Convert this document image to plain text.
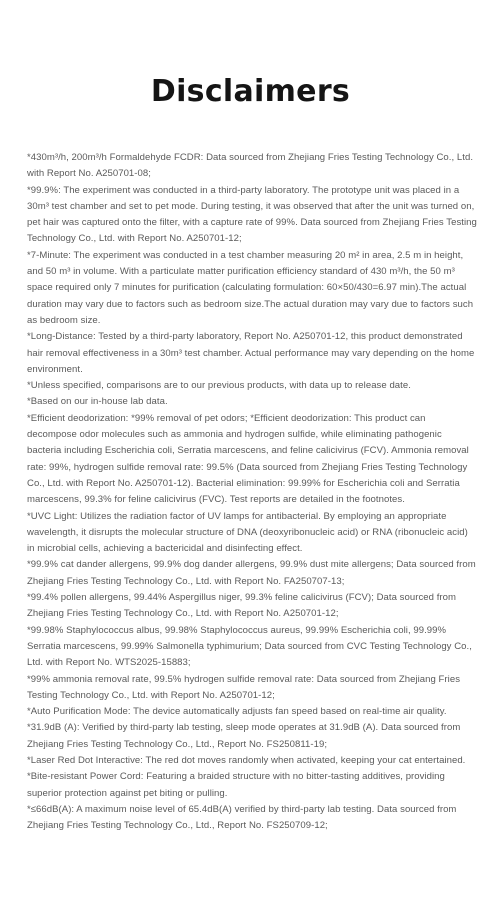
Disclaimers

*430m³/h, 200m³/h Formaldehyde FCDR: Data sourced from Zhejiang Fries Testing Technology Co., Ltd. with Report No. A250701-08;

*99.9%: The experiment was conducted in a third-party laboratory. The prototype unit was placed in a 30m³ test chamber and set to pet mode. During testing, it was observed that after the unit was turned on, pet hair was captured onto the filter, with a capture rate of 99%. Data sourced from Zhejiang Fries Testing Technology Co., Ltd. with Report No. A250701-12;

*7-Minute: The experiment was conducted in a test chamber measuring 20 m² in area, 2.5 m in height, and 50 m³ in volume. With a particulate matter purification efficiency standard of 430 m³/h, the 50 m³ space required only 7 minutes for purification (calculating formulation: 60×50/430=6.97 min).The actual duration may vary due to factors such as bedroom size.The actual duration may vary due to factors such as bedroom size.

*Long-Distance: Tested by a third-party laboratory, Report No. A250701-12, this product demonstrated hair removal effectiveness in a 30m³ test chamber. Actual performance may vary depending on the home environment.

*Unless specified, comparisons are to our previous products, with data up to release date.

*Based on our in-house lab data.

*Efficient deodorization: *99% removal of pet odors; *Efficient deodorization: This product can decompose odor molecules such as ammonia and hydrogen sulfide, while eliminating pathogenic bacteria including Escherichia coli, Serratia marcescens, and feline calicivirus (FCV). Ammonia removal rate: 99%, hydrogen sulfide removal rate: 99.5% (Data sourced from Zhejiang Fries Testing Technology Co., Ltd. with Report No. A250701-12). Bacterial elimination: 99.99% for Escherichia coli and Serratia marcescens, 99.3% for feline calicivirus (FVC). Test reports are detailed in the footnotes.

*UVC Light: Utilizes the radiation factor of UV lamps for antibacterial. By employing an appropriate wavelength, it disrupts the molecular structure of DNA (deoxyribonucleic acid) or RNA (ribonucleic acid) in microbial cells, achieving a bactericidal and disinfecting effect.

*99.9% cat dander allergens, 99.9% dog dander allergens, 99.9% dust mite allergens; Data sourced from Zhejiang Fries Testing Technology Co., Ltd. with Report No. FA250707-13;

*99.4% pollen allergens, 99.44% Aspergillus niger, 99.3% feline calicivirus (FCV); Data sourced from Zhejiang Fries Testing Technology Co., Ltd. with Report No. A250701-12;

*99.98% Staphylococcus albus, 99.98% Staphylococcus aureus, 99.99% Escherichia coli, 99.99% Serratia marcescens, 99.99% Salmonella typhimurium; Data sourced from CVC Testing Technology Co., Ltd. with Report No. WTS2025-15883;

*99% ammonia removal rate, 99.5% hydrogen sulfide removal rate: Data sourced from Zhejiang Fries Testing Technology Co., Ltd. with Report No. A250701-12;

*Auto Purification Mode: The device automatically adjusts fan speed based on real-time air quality.

*31.9dB (A): Verified by third-party lab testing, sleep mode operates at 31.9dB (A). Data sourced from Zhejiang Fries Testing Technology Co., Ltd., Report No. FS250811-19;

*Laser Red Dot Interactive: The red dot moves randomly when activated, keeping your cat entertained.

*Bite-resistant Power Cord: Featuring a braided structure with no bitter-tasting additives, providing superior protection against pet biting or pulling.

*≤66dB(A): A maximum noise level of 65.4dB(A) verified by third-party lab testing. Data sourced from Zhejiang Fries Testing Technology Co., Ltd., Report No. FS250709-12;
